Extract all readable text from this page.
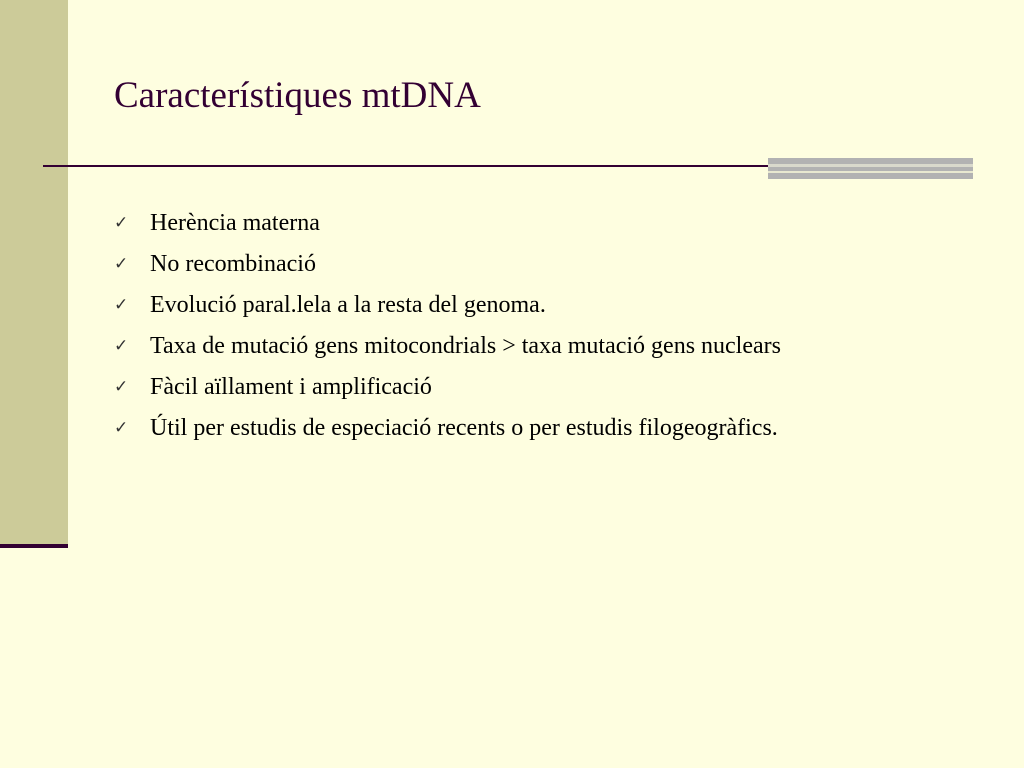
Característiques mtDNA
✓ Herència materna
✓ No recombinació
✓ Evolució paral.lela a la resta del genoma.
✓ Taxa de mutació gens mitocondrials > taxa mutació gens nuclears
✓ Fàcil aïllament i amplificació
✓ Útil per estudis de especiació recents o per estudis filogeogràfics.
